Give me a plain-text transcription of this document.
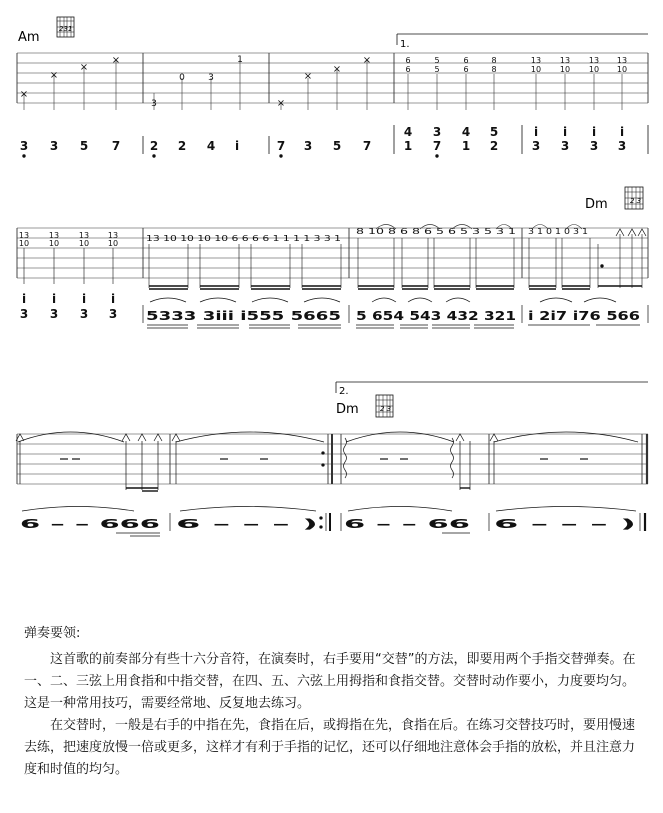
Am
231
1.
×
×
×
×
3
0	3
1
×
×
×
×	6
6
5
5
6
6
8
8
13
10
13
10
13
10
13
10
3 3 5 7 2 2 4 i	7 3 5 7
4
1
3
7
4
1
5
2
i
3
i
3
i
3
i
3
Dm	2 3
13
10
13
10
13
10
13
10
13 10 10 10 10 6 6 6 6 1 1 1 1 3 3 1
8 10 8 6 8 6 5 6 5 3 5 3 1 3 1 0 1 0 3 1
i
3
i
3
i
3
i
3 5333 3iii i555 5665 5 654 543 432 321 i 2i7 i76 566
2.
Dm	2 3
6 – – 666 6 – – – ) 6 – – 66 6 – – – )
弹奏要领:

这首歌的前奏部分有些十六分音符，在演奏时，右手要用“交替”的方法，即要用两个手指交替弹奏。在一、二、三弦上用食指和中指交替，在四、五、六弦上用拇指和食指交替。交替时动作要小，力度要均匀。这是一种常用技巧，需要经常地、反复地去练习。

在交替时，一般是右手的中指在先，食指在后，或拇指在先，食指在后。在练习交替技巧时，要用慢速去练，把速度放慢一倍或更多，这样才有利于手指的记忆，还可以仔细地注意体会手指的放松，并且注意力度和时值的均匀。
